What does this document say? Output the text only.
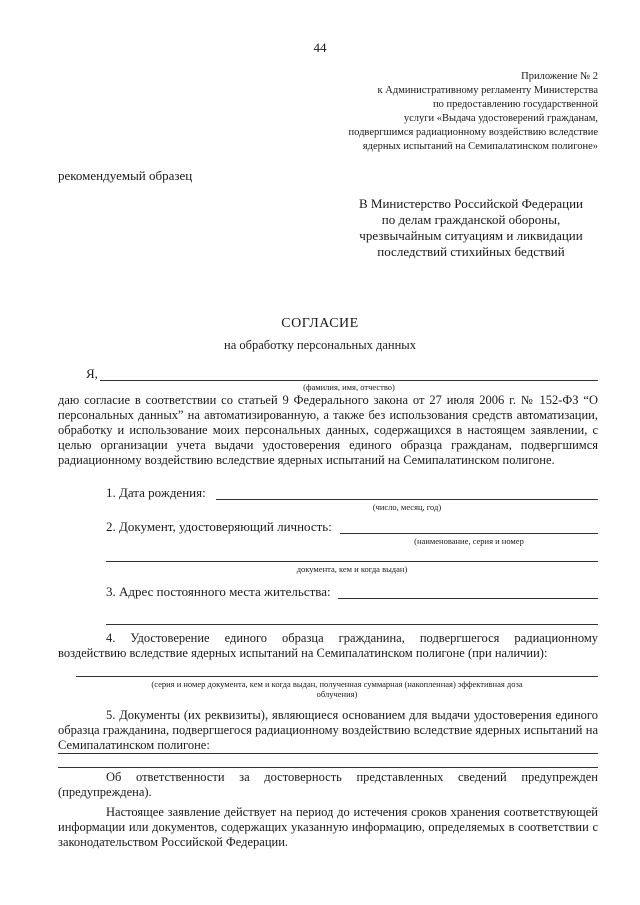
44
Приложение № 2
к Административному регламенту Министерства
по предоставлению государственной
услуги «Выдача удостоверений гражданам,
подвергшимся радиационному воздействию вследствие
ядерных испытаний на Семипалатинском полигоне»
рекомендуемый образец
В Министерство Российской Федерации
по делам гражданской обороны,
чрезвычайным ситуациям и ликвидации
последствий стихийных бедствий
СОГЛАСИЕ
на обработку персональных данных
Я,
(фамилия, имя, отчество)
даю согласие в соответствии со статьей 9 Федерального закона от 27 июля 2006 г. № 152-ФЗ “О персональных данных” на автоматизированную, а также без использования средств автоматизации, обработку и использование моих персональных данных, содержащихся в настоящем заявлении, с целью организации учета выдачи удостоверения единого образца гражданам, подвергшимся радиационному воздействию вследствие ядерных испытаний на Семипалатинском полигоне.
1. Дата рождения:
(число, месяц, год)
2. Документ, удостоверяющий личность:
(наименование, серия и номер
документа, кем и когда выдан)
3. Адрес постоянного места жительства:
4. Удостоверение единого образца гражданина, подвергшегося радиационному воздействию вследствие ядерных испытаний на Семипалатинском полигоне (при наличии):
(серия и номер документа, кем и когда выдан, полученная суммарная (накопленная) эффективная доза
облучения)
5. Документы (их реквизиты), являющиеся основанием для выдачи удостоверения единого образца гражданина, подвергшегося радиационному воздействию вследствие ядерных испытаний на Семипалатинском полигоне:
Об ответственности за достоверность представленных сведений предупрежден (предупреждена).
Настоящее заявление действует на период до истечения сроков хранения соответствующей информации или документов, содержащих указанную информацию, определяемых в соответствии с законодательством Российской Федерации.
